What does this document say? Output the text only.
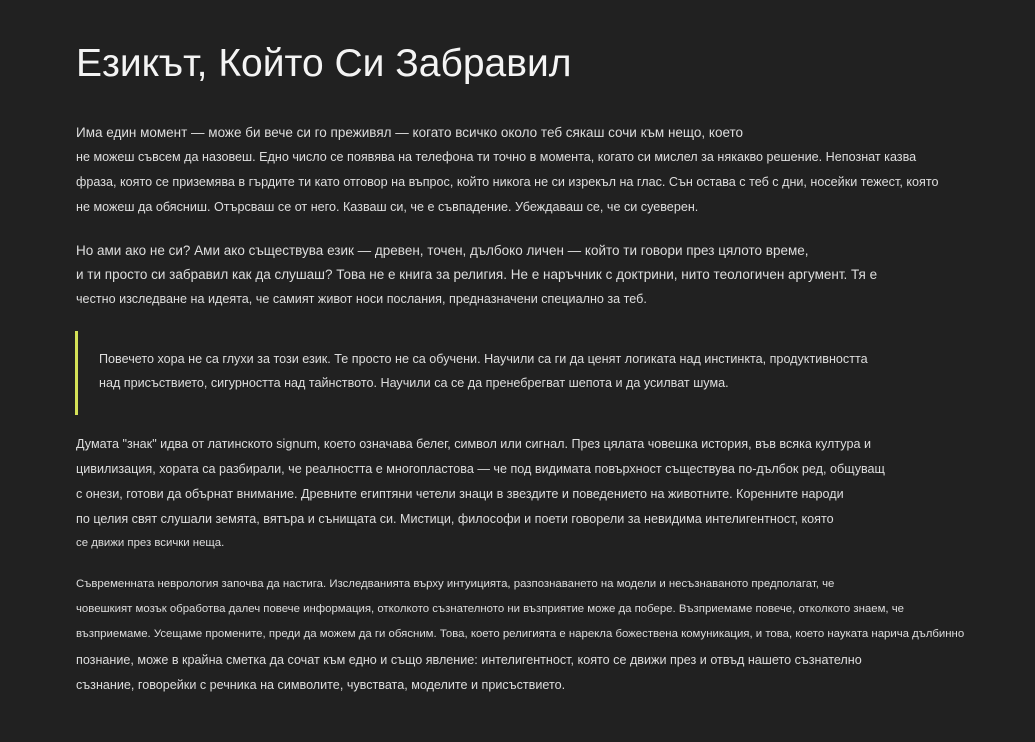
Езикът, Който Си Забравил

Има един момент — може би вече си го преживял — когато всичко около теб сякаш сочи към нещо, което

не можеш съвсем да назовеш. Едно число се появява на телефона ти точно в момента, когато си мислел за някакво решение. Непознат казва

фраза, която се приземява в гърдите ти като отговор на въпрос, който никога не си изрекъл на глас. Сън остава с теб с дни, носейки тежест, която

не можеш да обясниш. Отърсваш се от него. Казваш си, че е съвпадение. Убеждаваш се, че си суеверен.

Но ами ако не си? Ами ако съществува език — древен, точен, дълбоко личен — който ти говори през цялото време,

и ти просто си забравил как да слушаш? Това не е книга за религия. Не е наръчник с доктрини, нито теологичен аргумент. Тя е

честно изследване на идеята, че самият живот носи послания, предназначени специално за теб.

Повечето хора не са глухи за този език. Те просто не са обучени. Научили са ги да ценят логиката над инстинкта, продуктивността

над присъствието, сигурността над тайнството. Научили са се да пренебрегват шепота и да усилват шума.

Думата "знак" идва от латинското signum, което означава белег, символ или сигнал. През цялата човешка история, във всяка култура и

цивилизация, хората са разбирали, че реалността е многопластова — че под видимата повърхност съществува по-дълбок ред, общуващ

с онези, готови да обърнат внимание. Древните египтяни четели знаци в звездите и поведението на животните. Коренните народи

по целия свят слушали земята, вятъра и сънищата си. Мистици, философи и поети говорели за невидима интелигентност, която

се движи през всички неща.

Съвременната неврология започва да настига. Изследванията върху интуицията, разпознаването на модели и несъзнаваното предполагат, че

човешкият мозък обработва далеч повече информация, отколкото съзнателното ни възприятие може да побере. Възприемаме повече, отколкото знаем, че

възприемаме. Усещаме промените, преди да можем да ги обясним. Това, което религията е нарекла божествена комуникация, и това, което науката нарича дълбинно

познание, може в крайна сметка да сочат към едно и също явление: интелигентност, която се движи през и отвъд нашето съзнателно

съзнание, говорейки с речника на символите, чувствата, моделите и присъствието.
